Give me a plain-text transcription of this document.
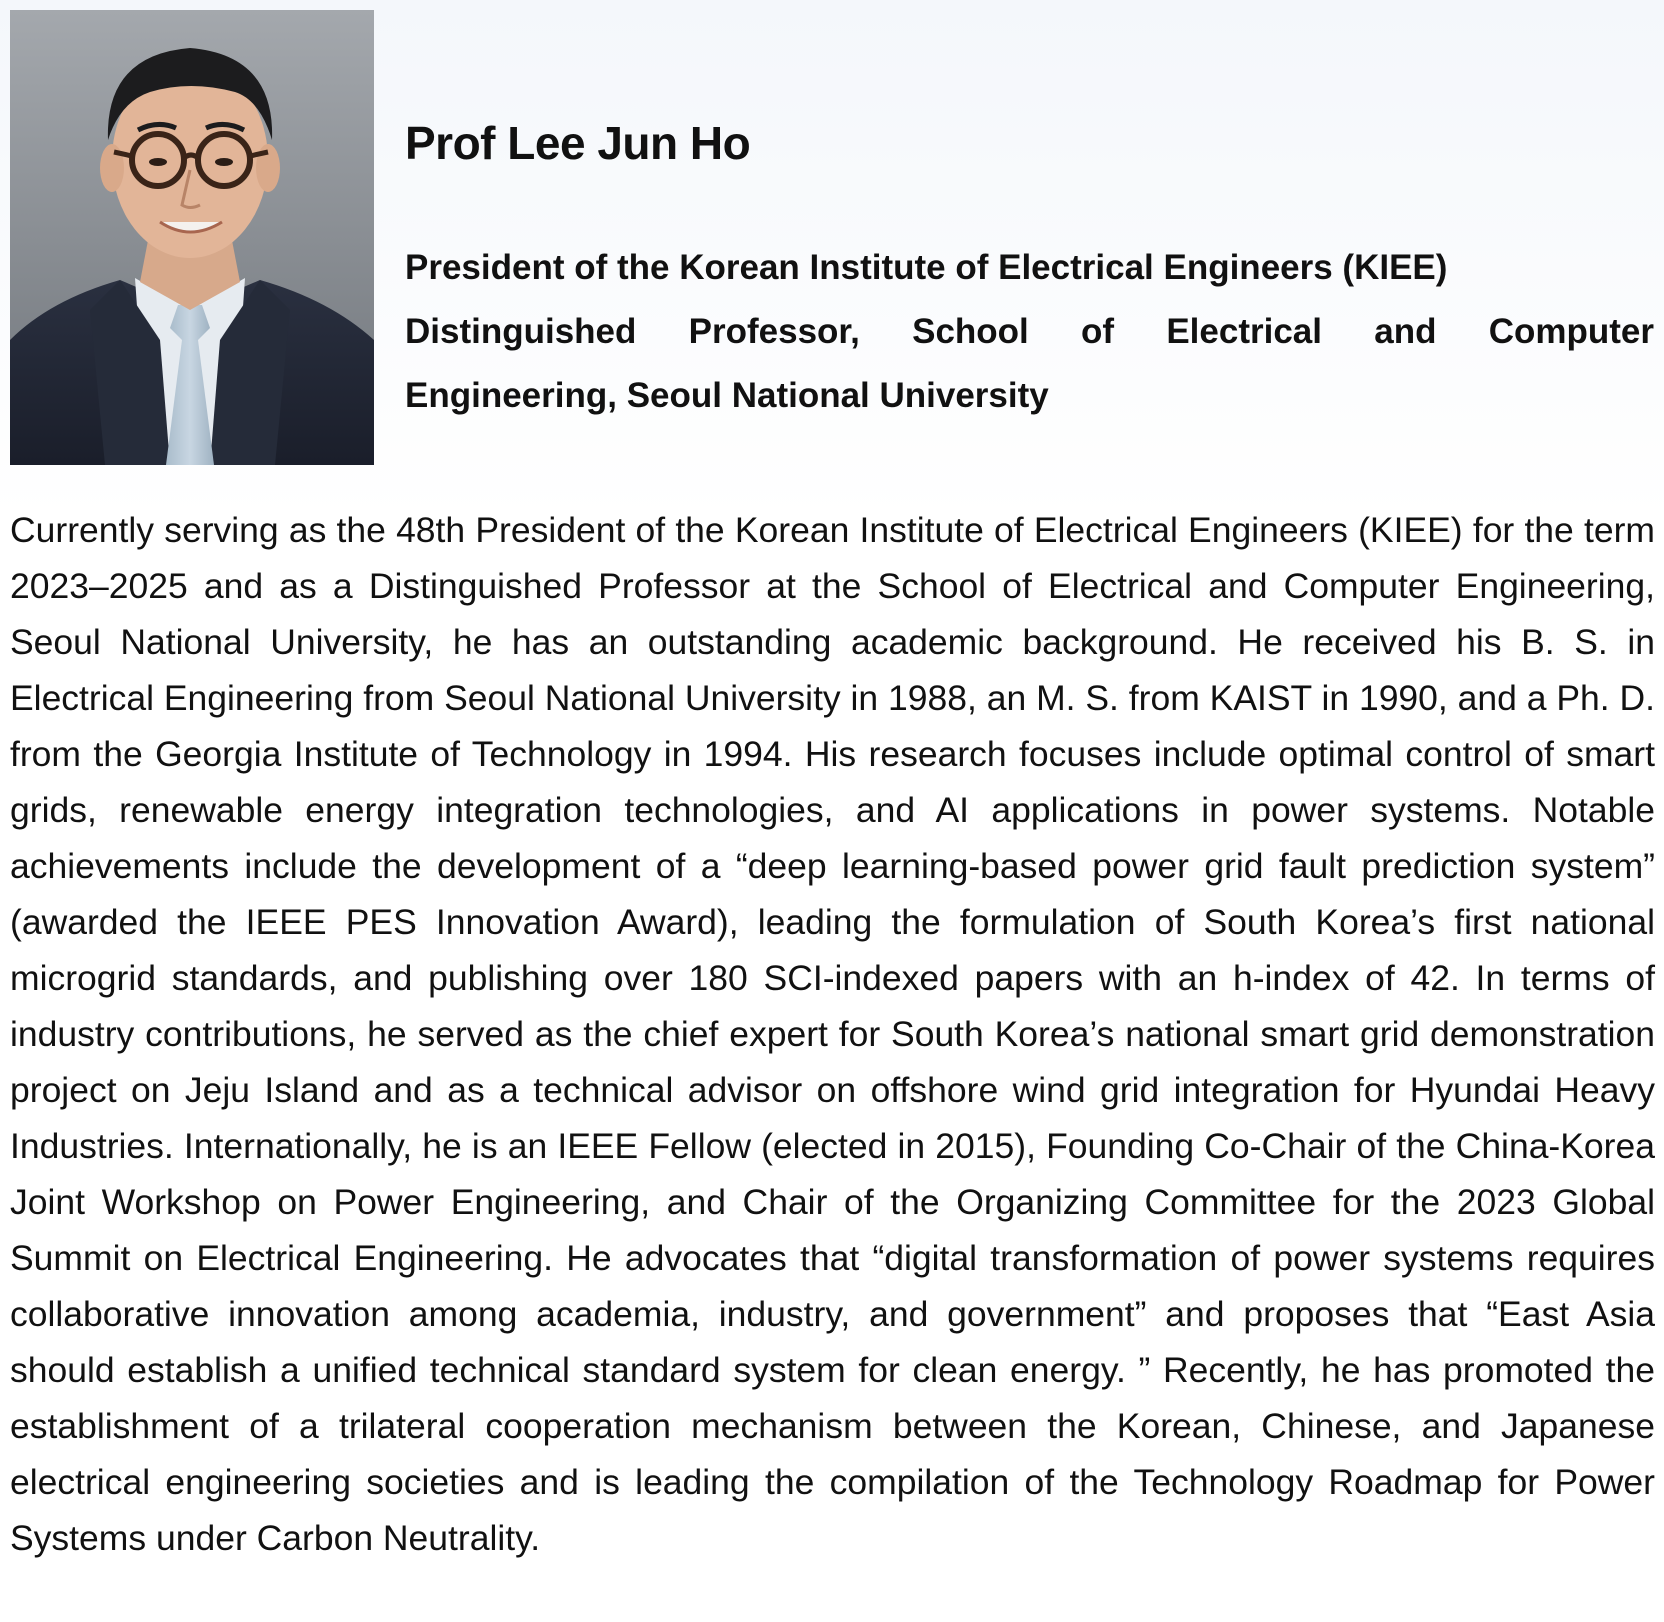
Prof Lee Jun Ho

President of the Korean Institute of Electrical Engineers (KIEE)

Distinguished Professor, School of Electrical and Computer

Engineering, Seoul National University

Currently serving as the 48th President of the Korean Institute of Electrical Engineers (KIEE) for the term 2023–2025 and as a Distinguished Professor at the School of Electrical and Computer Engineering, Seoul National University, he has an outstanding academic background. He received his B. S. in Electrical Engineering from Seoul National University in 1988, an M. S. from KAIST in 1990, and a Ph. D. from the Georgia Institute of Technology in 1994. His research focuses include optimal control of smart grids, renewable energy integration technologies, and AI applications in power systems. Notable achievements include the development of a “deep learning-based power grid fault prediction system” (awarded the IEEE PES Innovation Award), leading the formulation of South Korea’s first national microgrid standards, and publishing over 180 SCI-indexed papers with an h-index of 42. In terms of industry contributions, he served as the chief expert for South Korea’s national smart grid demonstration project on Jeju Island and as a technical advisor on offshore wind grid integration for Hyundai Heavy Industries. Internationally, he is an IEEE Fellow (elected in 2015), Founding Co-Chair of the China-Korea Joint Workshop on Power Engineering, and Chair of the Organizing Committee for the 2023 Global Summit on Electrical Engineering. He advocates that “digital transformation of power systems requires collaborative innovation among academia, industry, and government” and proposes that “East Asia should establish a unified technical standard system for clean energy. ” Recently, he has promoted the establishment of a trilateral cooperation mechanism between the Korean, Chinese, and Japanese electrical engineering societies and is leading the compilation of the Technology Roadmap for Power Systems under Carbon Neutrality.
